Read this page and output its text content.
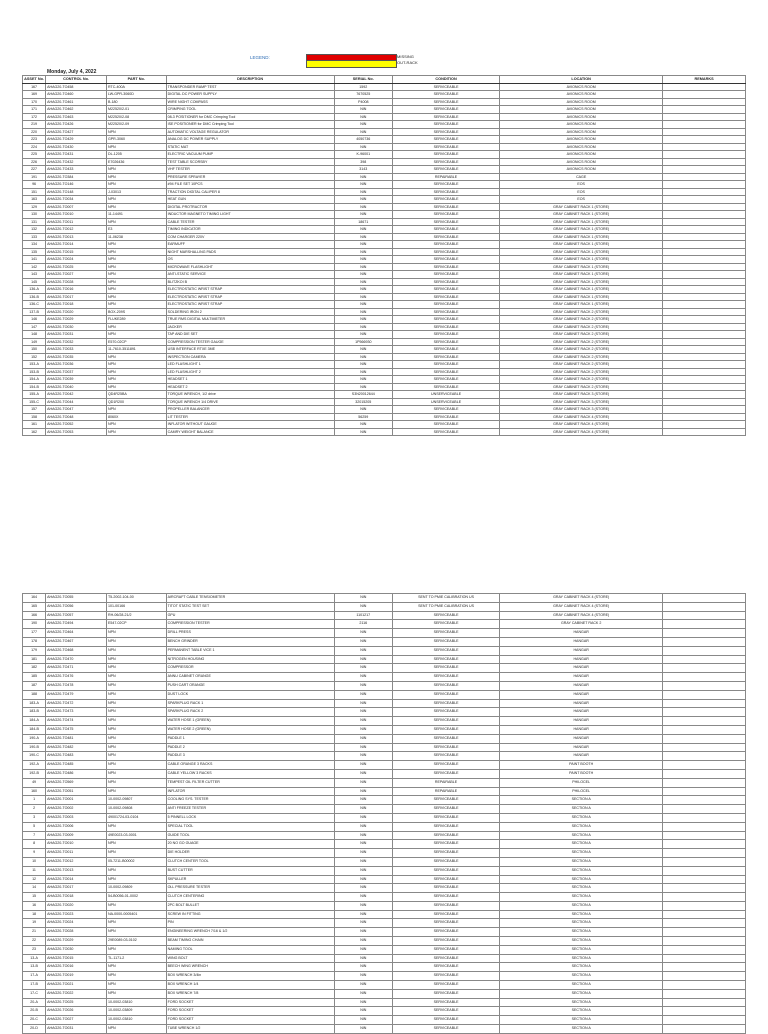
LEGEND:	MISSING
OUT-RACK
Monday, July 4, 2022
ASSET No.	CONTROL No.	PART No.	DESCRIPTION	SERIAL No.	CONDITION	LOCATION	REMARKS
167	AHAG20-TO458	RTC-400A	TRANSPONDER RAMP TEST	1592	SERVICEABLE	AVIONICS ROOM	
169	AHAG20-TO460	LW-GPR-3060D	DIGITAL DC POWER SUPPLY	7670525	SERVICEABLE	AVIONICS ROOM	
170	AHAG20-TO461	B-180	WIRE NIGHT COMPASS	P4008	SERVICEABLE	AVIONICS ROOM	
171	AHAG20-TO462	M22520/2-01	CRIMPING TOOL	NIN	SERVICEABLE	AVIONICS ROOM	
172	AHAG20-TO463	M22520/2-08	08-3 POSITIONER for DMC Crimping Tool	NIN	SERVICEABLE	AVIONICS ROOM	
219	AHAG20-TO426	M22520/2-09	ISE POSITIONER for DMC Crimping Tool	NIN	SERVICEABLE	AVIONICS ROOM	
220	AHAG20-TO427	NPN	AUTOMATIC VOLTAGE REGULATOR	NIN	SERVICEABLE	AVIONICS ROOM	
223	AHAG20-TO429	GPR-3060	ANALOG DC POWER SUPPLY	4050736	SERVICEABLE	AVIONICS ROOM	
224	AHAG20-TO430	NPN	STATIC MAT	NIN	SERVICEABLE	AVIONICS ROOM	
225	AHAG20-TO431	DL-1205	ELECTRIC VACUUM PUMP	K-96001	SERVICEABLE	AVIONICS ROOM	
226	AHAG20-TO432	E7026436	TEST TABLE SCORSBY	398	SERVICEABLE	AVIONICS ROOM	
227	AHAG20-TO433	NPN	VHF TESTER	3143	SERVICEABLE	AVIONICS ROOM	
191	AHAG20-TO384	NPN	PRESSURE SPRAYER	NIN	REPAIRABLE	CAGE	
96	AHAG20-TO146	NPN	#94 FILE SET 10PCS	NIN	SERVICEABLE	EOS	
151	AHAG20-TO148	J-03013	TRACTION DIGITAL CALIPER 8	NIN	SERVICEABLE	EOS	
163	AHAG20-TO034	NPN	HEAT GUN	NIN	SERVICEABLE	EOS	
129	AHAG20-TO007	NPN	DIGITAL PROTRACTOR	NIN	SERVICEABLE	GRAY CABINET RACK 1 (STORE)	
130	AHAG20-TO010	11-14491	INDUCTOR MAGNETO TIMING LIGHT	NIN	SERVICEABLE	GRAY CABINET RACK 1 (STORE)	
131	AHAG20-TO011	NPN	CABLE TESTER	18671	SERVICEABLE	GRAY CABINET RACK 1 (STORE)	
132	AHAG20-TO012	E3	TIMING INDICATOR	NIN	SERVICEABLE	GRAY CABINET RACK 1 (STORE)	
133	AHAG20-TO013	11-06238	COM CHARGER 220V	NIN	SERVICEABLE	GRAY CABINET RACK 1 (STORE)	
134	AHAG20-TO014	NPN	EARMUFF	NIN	SERVICEABLE	GRAY CABINET RACK 1 (STORE)	
135	AHAG20-TO015	NPN	NIGHT MARSHALLING PADS	NIN	SERVICEABLE	GRAY CABINET RACK 1 (STORE)	
141	AHAG20-TO024	NPN	OS	NIN	SERVICEABLE	GRAY CABINET RACK 1 (STORE)	
142	AHAG20-TO025	NPN	MICROWAVE FLASHLIGHT	NIN	SERVICEABLE	GRAY CABINET RACK 1 (STORE)	
143	AHAG20-TO027	NPN	ANTI-STATIC SERVICE	NIN	SERVICEABLE	GRAY CABINET RACK 1 (STORE)	
145	AHAG20-TO028	NPN	BLITZKOI B	NIN	SERVICEABLE	GRAY CABINET RACK 1 (STORE)	
136-A	AHAG20-TO016	NPN	ELECTROSTATIC WRIST STRAP	NIN	SERVICEABLE	GRAY CABINET RACK 1 (STORE)	
136-B	AHAG20-TO017	NPN	ELECTROSTATIC WRIST STRAP	NIN	SERVICEABLE	GRAY CABINET RACK 1 (STORE)	
136-C	AHAG20-TO018	NPN	ELECTROSTATIC WRIST STRAP	NIN	SERVICEABLE	GRAY CABINET RACK 1 (STORE)	
137-B	AHAG20-TO020	BOX-209S	SOLDERING IRON 2	NIN	SERVICEABLE	GRAY CABINET RACK 2 (STORE)	
146	AHAG20-TO029	FLUKE289	TRUE RMS DIGITAL MULTIMETER	NIN	SERVICEABLE	GRAY CABINET RACK 2 (STORE)	
147	AHAG20-TO030	NPN	JACKER	NIN	SERVICEABLE	GRAY CABINET RACK 2 (STORE)	
148	AHAG20-TO031	NPN	TAP AND DIE SET	NIN	SERVICEABLE	GRAY CABINET RACK 2 (STORE)	
149	AHAG20-TO032	E570-02CP	COMPRESSION TESTER GAUGE	1P566930	SERVICEABLE	GRAY CABINET RACK 2 (STORE)	
150	AHAG20-TO033	11-7610-3511891	USB INTERFACE RTXE 3ME	NIN	SERVICEABLE	GRAY CABINET RACK 2 (STORE)	
152	AHAG20-TO035	NPN	INSPECTION CAMERA	NIN	SERVICEABLE	GRAY CABINET RACK 2 (STORE)	
153-A	AHAG20-TO036	NPN	LED FLASHLIGHT 1	NIN	SERVICEABLE	GRAY CABINET RACK 2 (STORE)	
153-B	AHAG20-TO037	NPN	LED FLASHLIGHT 2	NIN	SERVICEABLE	GRAY CABINET RACK 2 (STORE)	
154-A	AHAG20-TO039	NPN	HEADSET 1	NIN	SERVICEABLE	GRAY CABINET RACK 2 (STORE)	
154-B	AHAG20-TO040	NPN	HEADSET 2	NIN	SERVICEABLE	GRAY CABINET RACK 2 (STORE)	
155-A	AHAG20-TO042	QD4R25BA	TORQUE WRENCH, 1/2 drive	S3N20012644	UNSERVICEABLE	GRAY CABINET RACK 3 (STORE)	
155-C	AHAG20-TO044	QD1R200	TORQUE WRENCH 1/4 DRIVE	32015205	UNSERVICEABLE	GRAY CABINET RACK 3 (STORE)	
157	AHAG20-TO047	NPN	PROPELLER BALANCER	NIN	SERVICEABLE	GRAY CABINET RACK 3 (STORE)	
158	AHAG20-TO048	8060X	LIT TESTER	56259	SERVICEABLE	GRAY CABINET RACK 4 (STORE)	
161	AHAG20-TO052	NPN	INFLATOR WITHOUT GAUGE	NIN	SERVICEABLE	GRAY CABINET RACK 4 (STORE)	
162	AHAG20-TO053	NPN	CAMRY WEIGHT BALANCE	NIN	SERVICEABLE	GRAY CABINET RACK 4 (STORE)	
164	AHAG20-TO055	T5-2002-104-00	AIRCRAFT CABLE TENSIOMETER	NIN	SENT TO PMIE CALIBRATION US	GRAY CABINET RACK 4 (STORE)	
165	AHAG20-TO056	101-00166	TITOT STATIC TEST SET	NIN	SENT TO PMIE CALIBRATION US	GRAY CABINET RACK 4 (STORE)	
166	AHAG20-TO057	RH-06/28-21/2	GPU	1101217	SERVICEABLE	GRAY CABINET RACK 4 (STORE)	
190	AHAG20-TO494	E547-02CP	COMPRESSION TESTER	2116	SERVICEABLE	GRAY CABINET RACK 2	
177	AHAG20-TO464	NPN	DRILL PRESS	NIN	SERVICEABLE	HANGAR	
178	AHAG20-TO467	NPN	BENCH GRINDER	NIN	SERVICEABLE	HANGAR	
179	AHAG20-TO468	NPN	PERMANENT TABLE VICE 1	NIN	SERVICEABLE	HANGAR	
181	AHAG20-TO470	NPN	NITROGEN HOUSING	NIN	SERVICEABLE	HANGAR	
182	AHAG20-TO471	NPN	COMPRESSOR	NIN	SERVICEABLE	HANGAR	
185	AHAG20-TO476	NPN	ANNU CABINET ORANGE	NIN	SERVICEABLE	HANGAR	
187	AHAG20-TO478	NPN	PUSH CART ORANGE	NIN	SERVICEABLE	HANGAR	
188	AHAG20-TO479	NPN	DUST LOCK	NIN	SERVICEABLE	HANGAR	
183-A	AHAG20-TO472	NPN	SPARKPLUG RACK 1	NIN	SERVICEABLE	HANGAR	
183-B	AHAG20-TO473	NPN	SPARKPLUG RACK 2	NIN	SERVICEABLE	HANGAR	
184-A	AHAG20-TO474	NPN	WATER HOSE 1 (GREEN)	NIN	SERVICEABLE	HANGAR	
184-B	AHAG20-TO475	NPN	WATER HOSE 2 (GREEN)	NIN	SERVICEABLE	HANGAR	
190-A	AHAG20-TO481	NPN	PADDLE 1	NIN	SERVICEABLE	HANGAR	
190-B	AHAG20-TO482	NPN	PADDLE 2	NIN	SERVICEABLE	HANGAR	
190-C	AHAG20-TO483	NPN	PADDLE 3	NIN	SERVICEABLE	HANGAR	
192-A	AHAG20-TO485	NPN	CABLE ORANGE 3 RACKS	NIN	SERVICEABLE	PAINT BOOTH	
192-B	AHAG20-TO486	NPN	CABLE YELLOW 3 RACKS	NIN	SERVICEABLE	PAINT BOOTH	
49	AHAG20-TO569	NPN	TEMPEST OIL FILTER CUTTER	NIN	REPAIRABLE	PHILOCEL	
160	AHAG20-TO051	NPN	INFLATOR	NIN	REPAIRABLE	PHILOCEL	
1	AHAG20-TO001	10-0002-09807	COOLING SYS. TESTER	NIN	SERVICEABLE	SECTION A	
2	AHAG20-TO002	10-0002-09808	ANTI FREEZE TESTER	NIN	SERVICEABLE	SECTION A	
3	AHAG20-TO003	49001724-03-0104	5 PINNELL LOCK	NIN	SERVICEABLE	SECTION A	
5	AHAG20-TO006	NPN	SPECIAL TOOL	NIN	SERVICEABLE	SECTION A	
7	AHAG20-TO009	49E0023-03-0001	GUIDE TOOL	NIN	SERVICEABLE	SECTION A	
8	AHAG20-TO010	NPN	20 NO GO GUAGE	NIN	SERVICEABLE	SECTION A	
9	AHAG20-TO011	NPN	DIE HOLDER	NIN	SERVICEABLE	SECTION A	
10	AHAG20-TO012	05-7211-B00002	CLUTCH CENTER TOOL	NIN	SERVICEABLE	SECTION A	
11	AHAG20-TO013	NPN	BUST CUTTER	NIN	SERVICEABLE	SECTION A	
12	AHAG20-TO014	NPN	SKPULLER	NIN	SERVICEABLE	SECTION A	
14	AHAG20-TO017	10-0002-09809	OLL PRESSURE TESTER	NIN	SERVICEABLE	SECTION A	
15	AHAG20-TO018	54-B0056-01-0002	CLUTCH CENTERING	NIN	SERVICEABLE	SECTION A	
16	AHAG20-TO020	NPN	2PC BOLT BULLET	NIN	SERVICEABLE	SECTION A	
18	AHAG20-TO023	NA-0000-0005401	SCREW IN FITTING	NIN	SERVICEABLE	SECTION A	
19	AHAG20-TO024	NPN	PIN	NIN	SERVICEABLE	SECTION A	
21	AHAG20-TO028	NPN	ENGINEERING WRENCH 7/16 & 1/2	NIN	SERVICEABLE	SECTION A	
22	AHAG20-TO029	29E0089-03-0102	BEAM TIMING CHAIN	NIN	SERVICEABLE	SECTION A	
23	AHAG20-TO030	NPN	NAMING TOOL	NIN	SERVICEABLE	SECTION A	
13-A	AHAG20-TO015	TL-1171-2	WING BOLT	NIN	SERVICEABLE	SECTION A	
13-B	AHAG20-TO016	NPN	BEECH WING WRENCH	NIN	SERVICEABLE	SECTION A	
17-A	AHAG20-TO019	NPN	BOX WRENCH 3/4in	NIN	SERVICEABLE	SECTION A	
17-B	AHAG20-TO021	NPN	BOX WRENCH 1/4	NIN	SERVICEABLE	SECTION A	
17-C	AHAG20-TO022	NPN	BOX WRENCH 7/8	NIN	SERVICEABLE	SECTION A	
20-A	AHAG20-TO025	10-0002-03810	FORD SOCKET	NIN	SERVICEABLE	SECTION A	
20-B	AHAG20-TO026	10-0002-03809	FORD SOCKET	NIN	SERVICEABLE	SECTION A	
20-C	AHAG20-TO027	10-0002-03810	FORD SOCKET	NIN	SERVICEABLE	SECTION A	
20-D	AHAG20-TO031	NPN	TUBE WRENCH 1/2	NIN	SERVICEABLE	SECTION A	
